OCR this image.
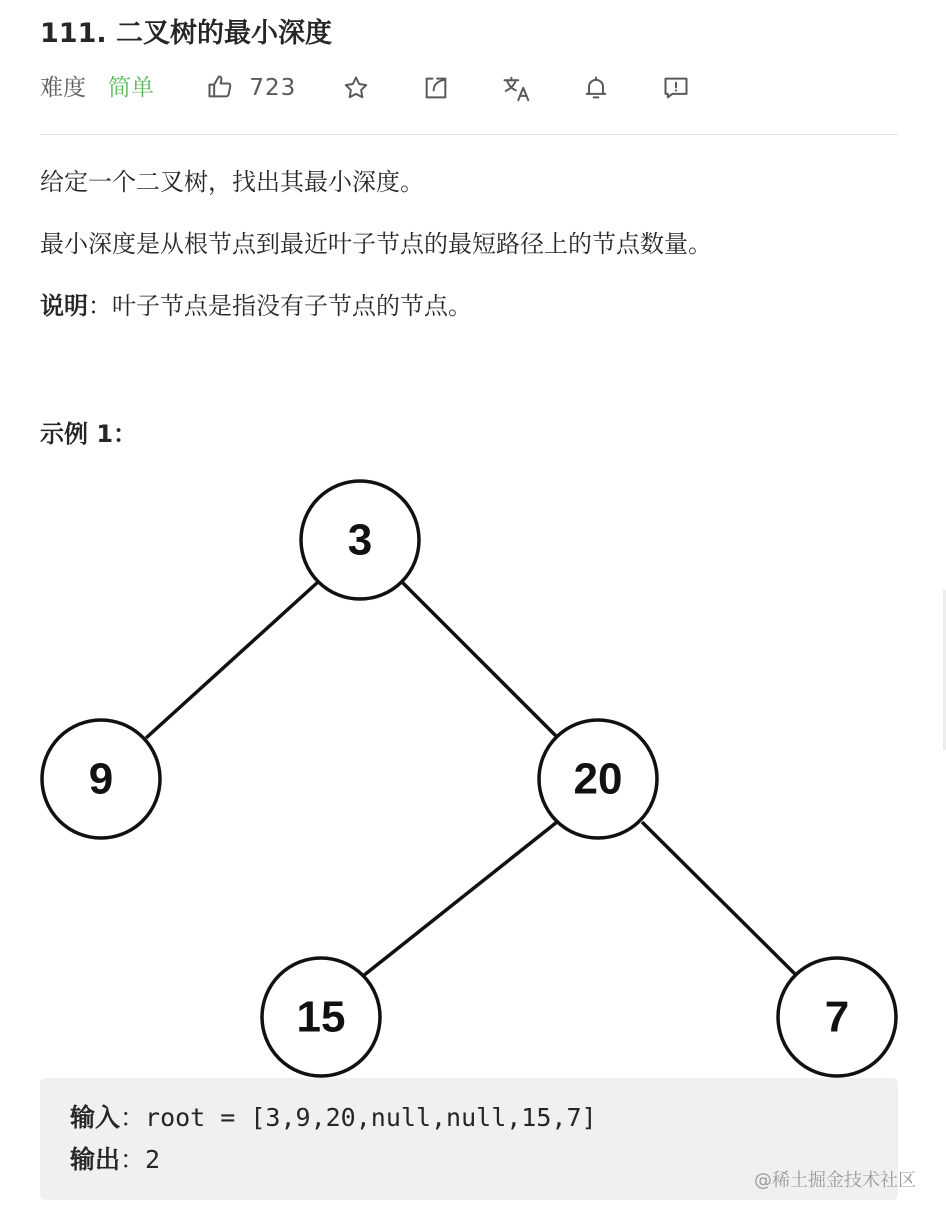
111. 二叉树的最小深度
难度 简单	723
给定一个二叉树，找出其最小深度。
最小深度是从根节点到最近叶子节点的最短路径上的节点数量。
说明：叶子节点是指没有子节点的节点。
示例 1：
3
9	20
15	7
输入：root = [3,9,20,null,null,15,7]
输出：2
@稀土掘金技术社区
